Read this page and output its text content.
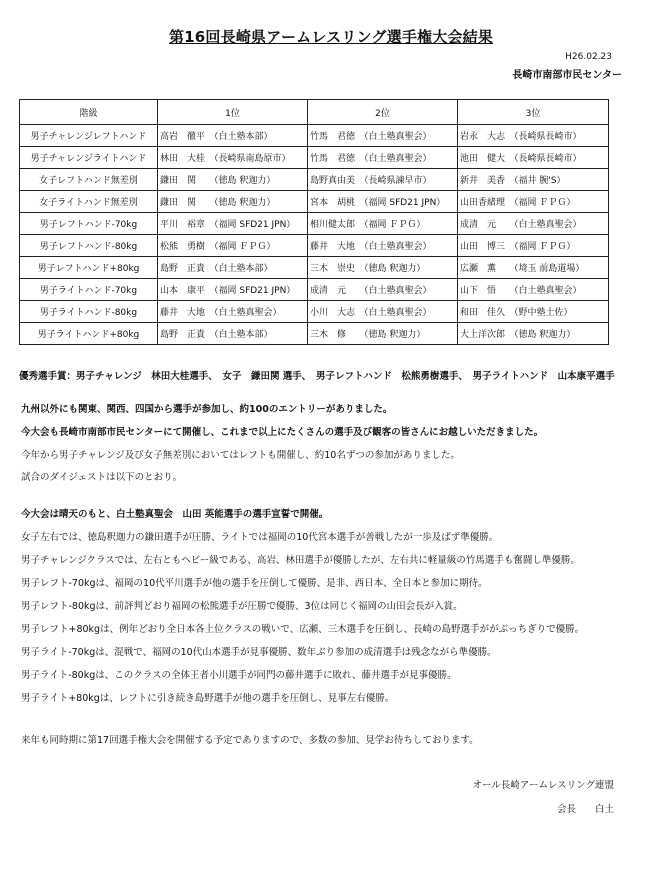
第16回長崎県アームレスリング選手権大会結果
H26.02.23
長崎市南部市民センター
階級	1位	2位	3位
男子チャレンジレフトハンド	高岩　徹平　（白土塾本部）	竹馬　君徳　（白土塾真聖会）	岩永　大志　（長崎県長崎市）
男子チャレンジライトハンド	林田　大桂　（長崎県南島原市）	竹馬　君徳　（白土塾真聖会）	池田　健大　（長崎県長崎市）
女子レフトハンド無差別	鎌田　関　　（徳島 釈迦力）	島野真由美　（長崎県諫早市）	新井　美香　（福井 腕'S）
女子ライトハンド無差別	鎌田　関　　（徳島 釈迦力）	宮本　胡桃　（福岡 SFD21 JPN）	山田香緒理　（福岡 ＦＰＧ）
男子レフトハンド-70kg	平川　裕章　（福岡 SFD21 JPN）	相川健太郎　（福岡 ＦＰＧ）	成清　元　　（白土塾真聖会）
男子レフトハンド-80kg	松熊　勇樹　（福岡 ＦＰＧ）	藤井　大地　（白土塾真聖会）	山田　博三　（福岡 ＦＰＧ）
男子レフトハンド+80kg	島野　正貴　（白土塾本部）	三木　崇史　（徳島 釈迦力）	広瀬　薫　　（埼玉 前島道場）
男子ライトハンド-70kg	山本　康平　（福岡 SFD21 JPN）	成清　元　　（白土塾真聖会）	山下　悟　　（白土塾真聖会）
男子ライトハンド-80kg	藤井　大地　（白土塾真聖会）	小川　大志　（白土塾真聖会）	和田　佳久　（野中塾土佐）
男子ライトハンド+80kg	島野　正貴　（白土塾本部）	三木　修　　（徳島 釈迦力）	大上洋次郎　（徳島 釈迦力）
優秀選手賞：男子チャレンジ　林田大桂選手、　女子　鎌田関 選手、　男子レフトハンド　松熊勇樹選手、　男子ライトハンド　山本康平選手
九州以外にも関東、関西、四国から選手が参加し、約100のエントリーがありました。
今大会も長崎市南部市民センターにて開催し、これまで以上にたくさんの選手及び観客の皆さんにお越しいただきました。
今年から男子チャレンジ及び女子無差別においてはレフトも開催し、約10名ずつの参加がありました。
試合のダイジェストは以下のとおり。
今大会は晴天のもと、白土塾真聖会　山田 英能選手の選手宣誓で開催。
女子左右では、徳島釈迦力の鎌田選手が圧勝、ライトでは福岡の10代宮本選手が善戦したが一歩及ばず準優勝。
男子チャレンジクラスでは、左右ともヘビー級である、高岩、林田選手が優勝したが、左右共に軽量級の竹馬選手も奮闘し準優勝。
男子レフト-70kgは、福岡の10代平川選手が他の選手を圧倒して優勝、是非、西日本、全日本と参加に期待。
男子レフト-80kgは、前評判どおり福岡の松熊選手が圧勝で優勝、3位は同じく福岡の山田会長が入賞。
男子レフト+80kgは、例年どおり全日本各上位クラスの戦いで、広瀬、三木選手を圧倒し、長崎の島野選手ががぶっちぎりで優勝。
男子ライト-70kgは、混戦で、福岡の10代山本選手が見事優勝、数年ぶり参加の成清選手は残念ながら準優勝。
男子ライト-80kgは、このクラスの全体王者小川選手が同門の藤井選手に敗れ、藤井選手が見事優勝。
男子ライト+80kgは、レフトに引き続き島野選手が他の選手を圧倒し、見事左右優勝。
来年も同時期に第17回選手権大会を開催する予定でありますので、多数の参加、見学お待ちしております。
オール長崎アームレスリング連盟
会長　　白土
